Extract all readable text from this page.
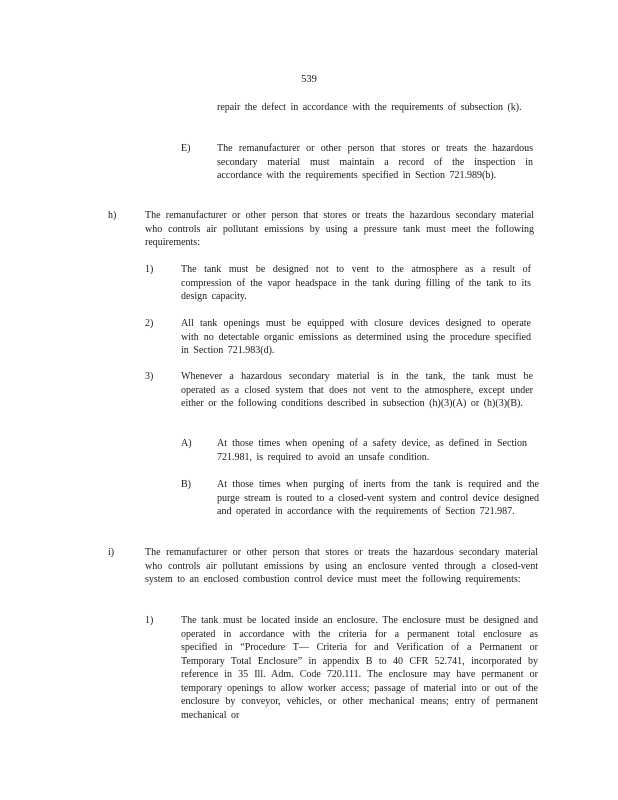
539
repair the defect in accordance with the requirements of subsection (k).
E)	The remanufacturer or other person that stores or treats the hazardous secondary material must maintain a record of the inspection in accordance with the requirements specified in Section 721.989(b).
h)	The remanufacturer or other person that stores or treats the hazardous secondary material who controls air pollutant emissions by using a pressure tank must meet the following requirements:
1)	The tank must be designed not to vent to the atmosphere as a result of compression of the vapor headspace in the tank during filling of the tank to its design capacity.
2)	All tank openings must be equipped with closure devices designed to operate with no detectable organic emissions as determined using the procedure specified in Section 721.983(d).
3)	Whenever a hazardous secondary material is in the tank, the tank must be operated as a closed system that does not vent to the atmosphere, except under either or the following conditions described in subsection (h)(3)(A) or (h)(3)(B).
A)	At those times when opening of a safety device, as defined in Section 721.981, is required to avoid an unsafe condition.
B)	At those times when purging of inerts from the tank is required and the purge stream is routed to a closed-vent system and control device designed and operated in accordance with the requirements of Section 721.987.
i)	The remanufacturer or other person that stores or treats the hazardous secondary material who controls air pollutant emissions by using an enclosure vented through a closed-vent system to an enclosed combustion control device must meet the following requirements:
1)	The tank must be located inside an enclosure. The enclosure must be designed and operated in accordance with the criteria for a permanent total enclosure as specified in “Procedure T— Criteria for and Verification of a Permanent or Temporary Total Enclosure” in appendix B to 40 CFR 52.741, incorporated by reference in 35 Ill. Adm. Code 720.111. The enclosure may have permanent or temporary openings to allow worker access; passage of material into or out of the enclosure by conveyor, vehicles, or other mechanical means; entry of permanent mechanical or
